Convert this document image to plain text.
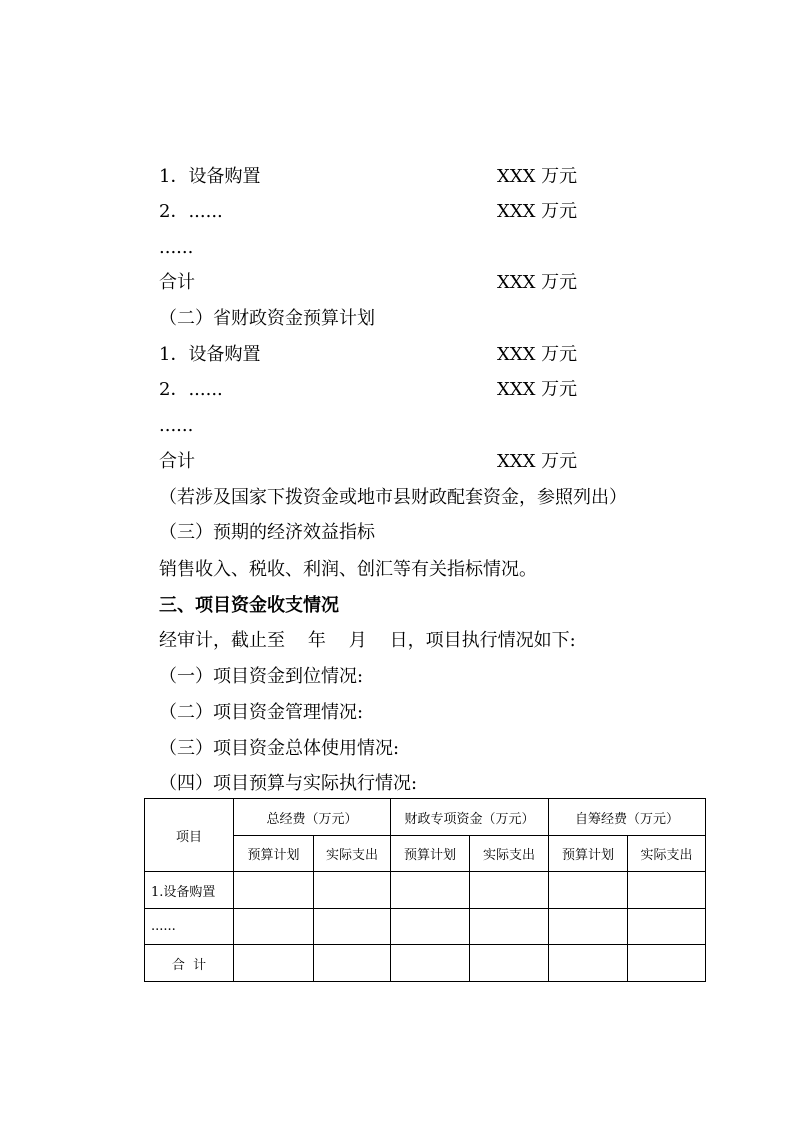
1．设备购置	XXX 万元
2．......	XXX 万元
......
合计	XXX 万元
（二）省财政资金预算计划
1．设备购置	XXX 万元
2．......	XXX 万元
......
合计	XXX 万元
（若涉及国家下拨资金或地市县财政配套资金，参照列出）
（三）预期的经济效益指标
销售收入、税收、利润、创汇等有关指标情况。
三、项目资金收支情况
经审计，截止至    年    月    日，项目执行情况如下:
（一）项目资金到位情况:
（二）项目资金管理情况:
（三）项目资金总体使用情况:
（四）项目预算与实际执行情况:
项目	总经费（万元）		财政专项资金（万元）		自筹经费（万元）	
	预算计划	实际支出	预算计划	实际支出	预算计划	实际支出
1.设备购置						
......						
合  计						
